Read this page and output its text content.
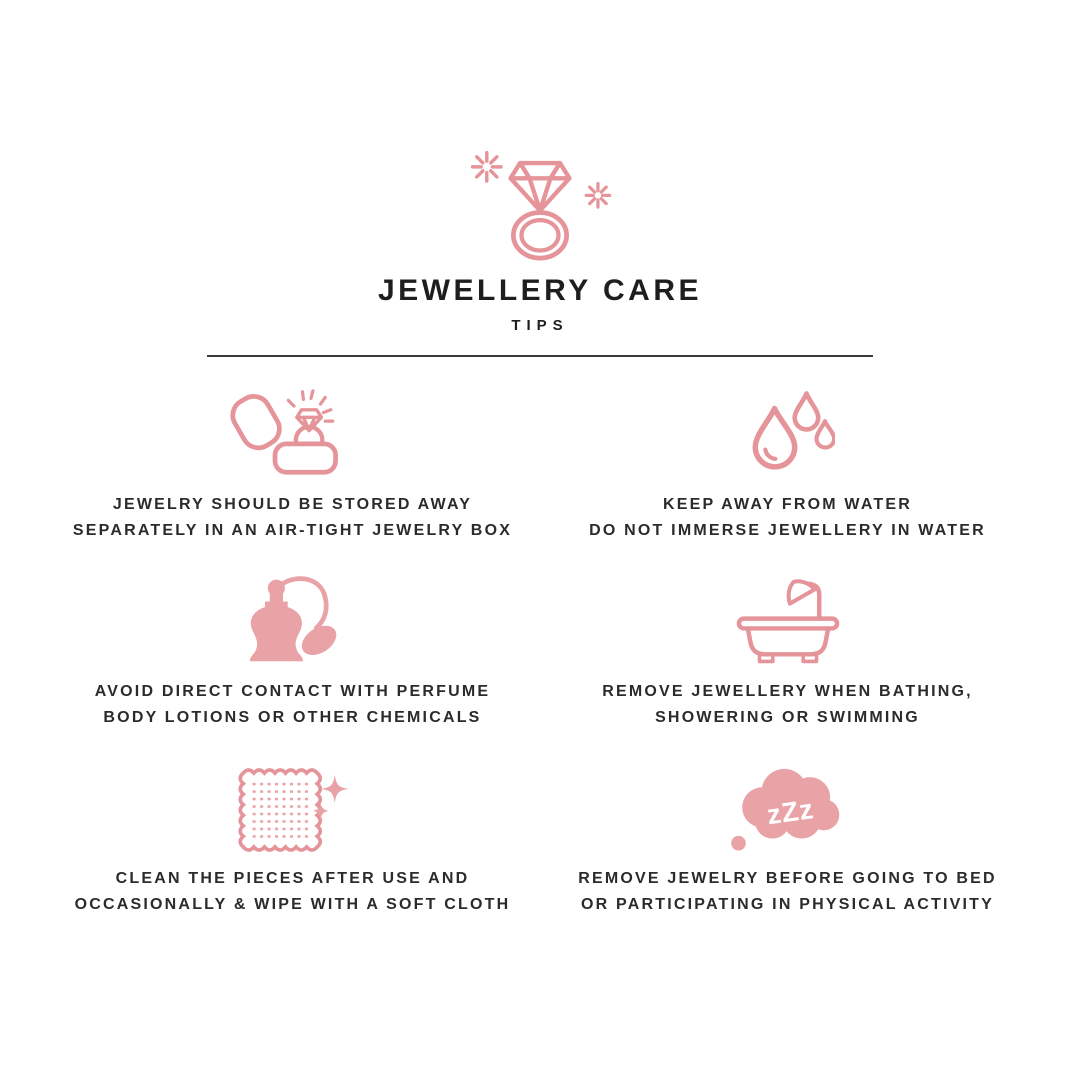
JEWELLERY CARE
TIPS

JEWELRY SHOULD BE STORED AWAY

SEPARATELY IN AN AIR-TIGHT JEWELRY BOX

KEEP AWAY FROM WATER

DO NOT IMMERSE JEWELLERY IN WATER

AVOID DIRECT CONTACT WITH PERFUME

BODY LOTIONS OR OTHER CHEMICALS

REMOVE JEWELLERY WHEN BATHING,

SHOWERING OR SWIMMING

CLEAN THE PIECES AFTER USE AND

OCCASIONALLY & WIPE WITH A SOFT CLOTH

zZz

REMOVE JEWELRY BEFORE GOING TO BED

OR PARTICIPATING IN PHYSICAL ACTIVITY
